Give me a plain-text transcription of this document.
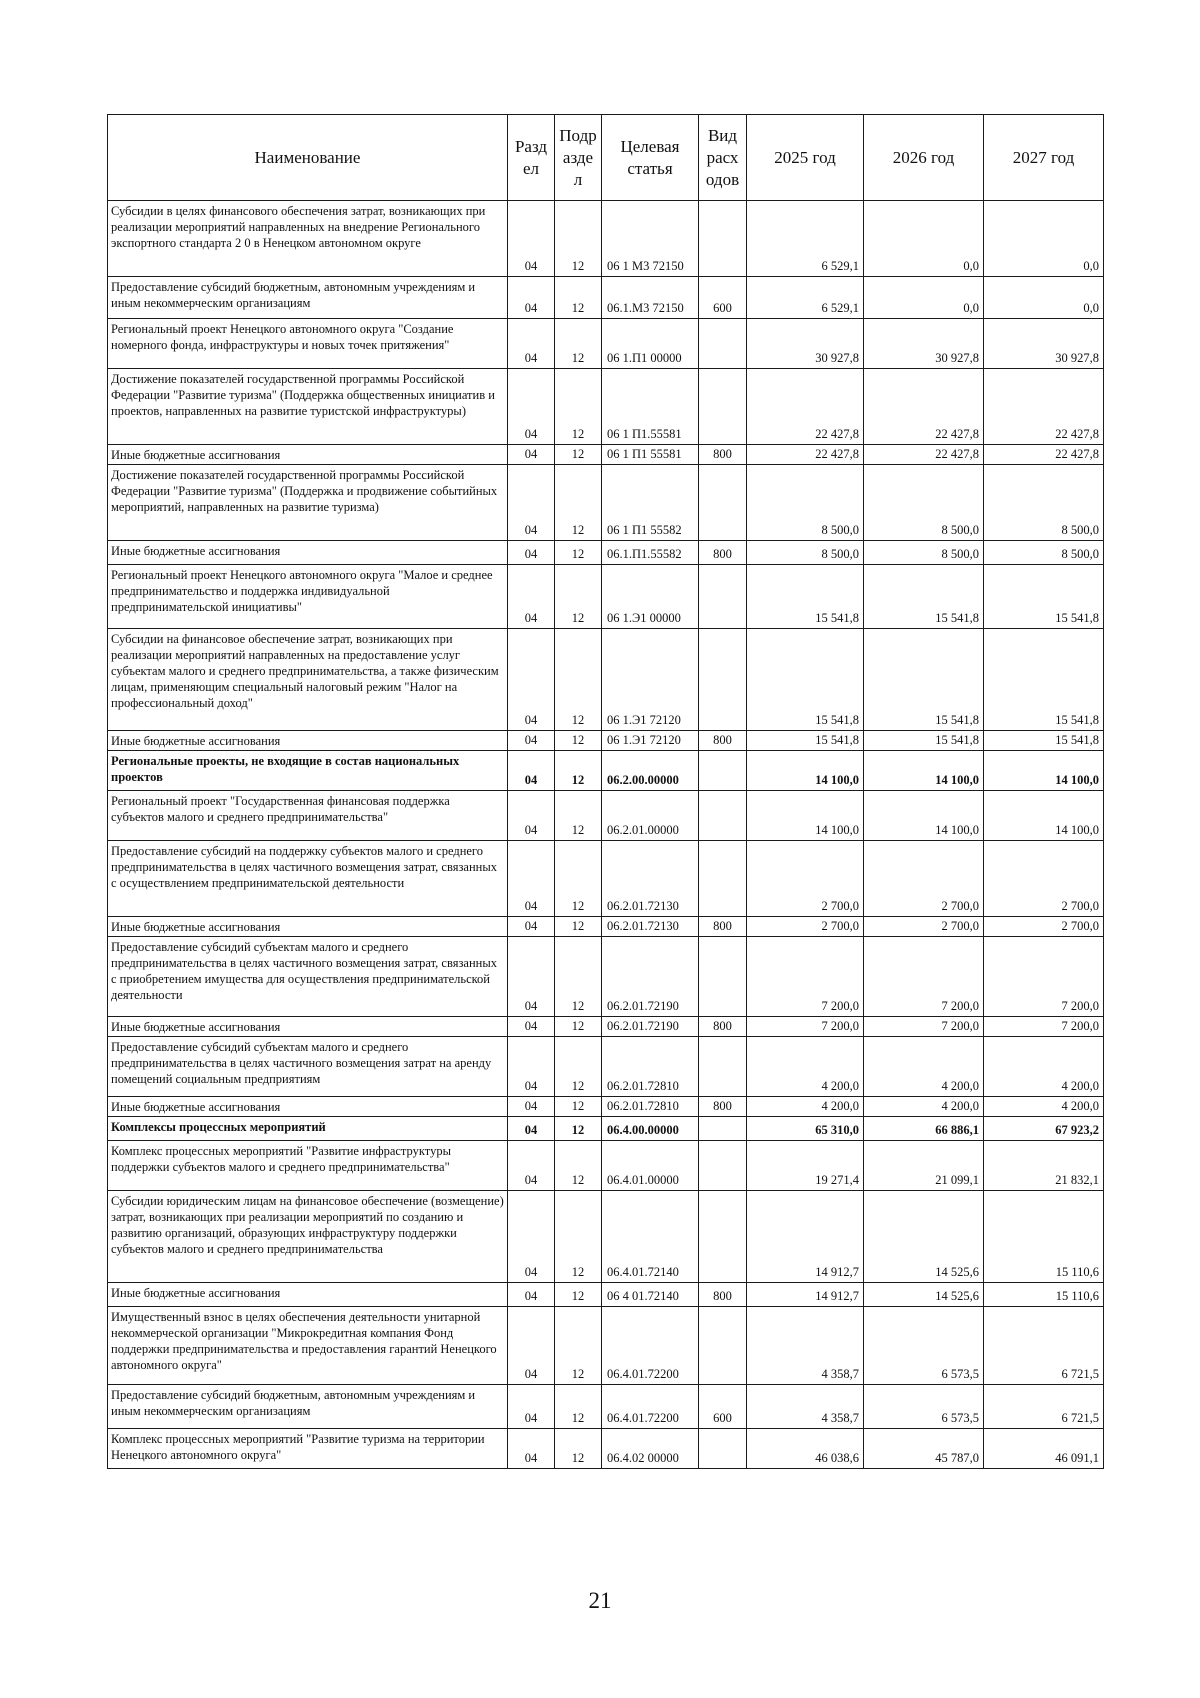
Наименование	Разд ел	Подр азде л	Целевая статья	Вид расх одов	2025 год	2026 год	2027 год
Субсидии в целях финансового обеспечения затрат, возникающих при реализации мероприятий направленных на внедрение Регионального экспортного стандарта 2 0 в Ненецком автономном округе	04	12	06 1 М3 72150		6 529,1	0,0	0,0
Предоставление субсидий бюджетным, автономным учреждениям и иным некоммерческим организациям	04	12	06.1.М3 72150	600	6 529,1	0,0	0,0
Региональный проект Ненецкого автономного округа "Создание номерного фонда, инфраструктуры и новых точек притяжения"	04	12	06 1.П1 00000		30 927,8	30 927,8	30 927,8
Достижение показателей государственной программы Российской Федерации "Развитие туризма" (Поддержка общественных инициатив и проектов, направленных на развитие туристской инфраструктуры)	04	12	06 1 П1.55581		22 427,8	22 427,8	22 427,8
Иные бюджетные ассигнования	04	12	06 1 П1 55581	800	22 427,8	22 427,8	22 427,8
Достижение показателей государственной программы Российской Федерации "Развитие туризма" (Поддержка и продвижение событийных мероприятий, направленных на развитие туризма)	04	12	06 1 П1 55582		8 500,0	8 500,0	8 500,0
Иные бюджетные ассигнования	04	12	06.1.П1.55582	800	8 500,0	8 500,0	8 500,0
Региональный проект Ненецкого автономного округа "Малое и среднее предпринимательство и поддержка индивидуальной предпринимательской инициативы"	04	12	06 1.Э1 00000		15 541,8	15 541,8	15 541,8
Субсидии на финансовое обеспечение затрат, возникающих при реализации мероприятий направленных на предоставление услуг субъектам малого и среднего предпринимательства, а также физическим лицам, применяющим специальный налоговый режим "Налог на профессиональный доход"	04	12	06 1.Э1 72120		15 541,8	15 541,8	15 541,8
Иные бюджетные ассигнования	04	12	06 1.Э1 72120	800	15 541,8	15 541,8	15 541,8
Региональные проекты, не входящие в состав национальных проектов	04	12	06.2.00.00000		14 100,0	14 100,0	14 100,0
Региональный проект "Государственная финансовая поддержка субъектов малого и среднего предпринимательства"	04	12	06.2.01.00000		14 100,0	14 100,0	14 100,0
Предоставление субсидий на поддержку субъектов малого и среднего предпринимательства в целях частичного возмещения затрат, связанных с осуществлением предпринимательской деятельности	04	12	06.2.01.72130		2 700,0	2 700,0	2 700,0
Иные бюджетные ассигнования	04	12	06.2.01.72130	800	2 700,0	2 700,0	2 700,0
Предоставление субсидий субъектам малого и среднего предпринимательства в целях частичного возмещения затрат, связанных с приобретением имущества для осуществления предпринимательской деятельности	04	12	06.2.01.72190		7 200,0	7 200,0	7 200,0
Иные бюджетные ассигнования	04	12	06.2.01.72190	800	7 200,0	7 200,0	7 200,0
Предоставление субсидий субъектам малого и среднего предпринимательства в целях частичного возмещения затрат на аренду помещений социальным предприятиям	04	12	06.2.01.72810		4 200,0	4 200,0	4 200,0
Иные бюджетные ассигнования	04	12	06.2.01.72810	800	4 200,0	4 200,0	4 200,0
Комплексы процессных мероприятий	04	12	06.4.00.00000		65 310,0	66 886,1	67 923,2
Комплекс процессных мероприятий "Развитие инфраструктуры поддержки субъектов малого и среднего предпринимательства"	04	12	06.4.01.00000		19 271,4	21 099,1	21 832,1
Субсидии юридическим лицам на финансовое обеспечение (возмещение) затрат, возникающих при реализации мероприятий по созданию и развитию организаций, образующих инфраструктуру поддержки субъектов малого и среднего предпринимательства	04	12	06.4.01.72140		14 912,7	14 525,6	15 110,6
Иные бюджетные ассигнования	04	12	06 4 01.72140	800	14 912,7	14 525,6	15 110,6
Имущественный взнос в целях обеспечения деятельности унитарной некоммерческой организации "Микрокредитная компания Фонд поддержки предпринимательства и предоставления гарантий Ненецкого автономного округа"	04	12	06.4.01.72200		4 358,7	6 573,5	6 721,5
Предоставление субсидий бюджетным, автономным учреждениям и иным некоммерческим организациям	04	12	06.4.01.72200	600	4 358,7	6 573,5	6 721,5
Комплекс процессных мероприятий "Развитие туризма на территории Ненецкого автономного округа"	04	12	06.4.02 00000		46 038,6	45 787,0	46 091,1
21
